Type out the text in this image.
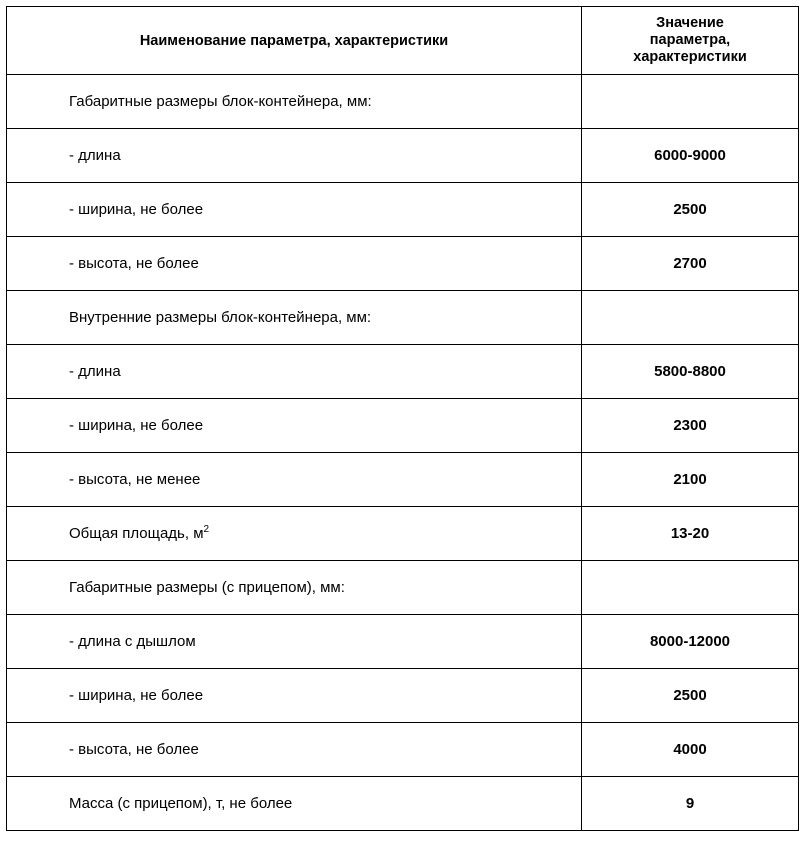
Наименование параметра, характеристики	Значение
параметра,
характеристики
Габаритные размеры блок-контейнера, мм:	
- длина	6000-9000
- ширина, не более	2500
- высота, не более	2700
Внутренние размеры блок-контейнера, мм:	
- длина	5800-8800
- ширина, не более	2300
- высота, не менее	2100
Общая площадь, $м^2$	13-20
Габаритные размеры (с прицепом), мм:	
- длина с дышлом	8000-12000
- ширина, не более	2500
- высота, не более	4000
Масса (с прицепом), т, не более	9
